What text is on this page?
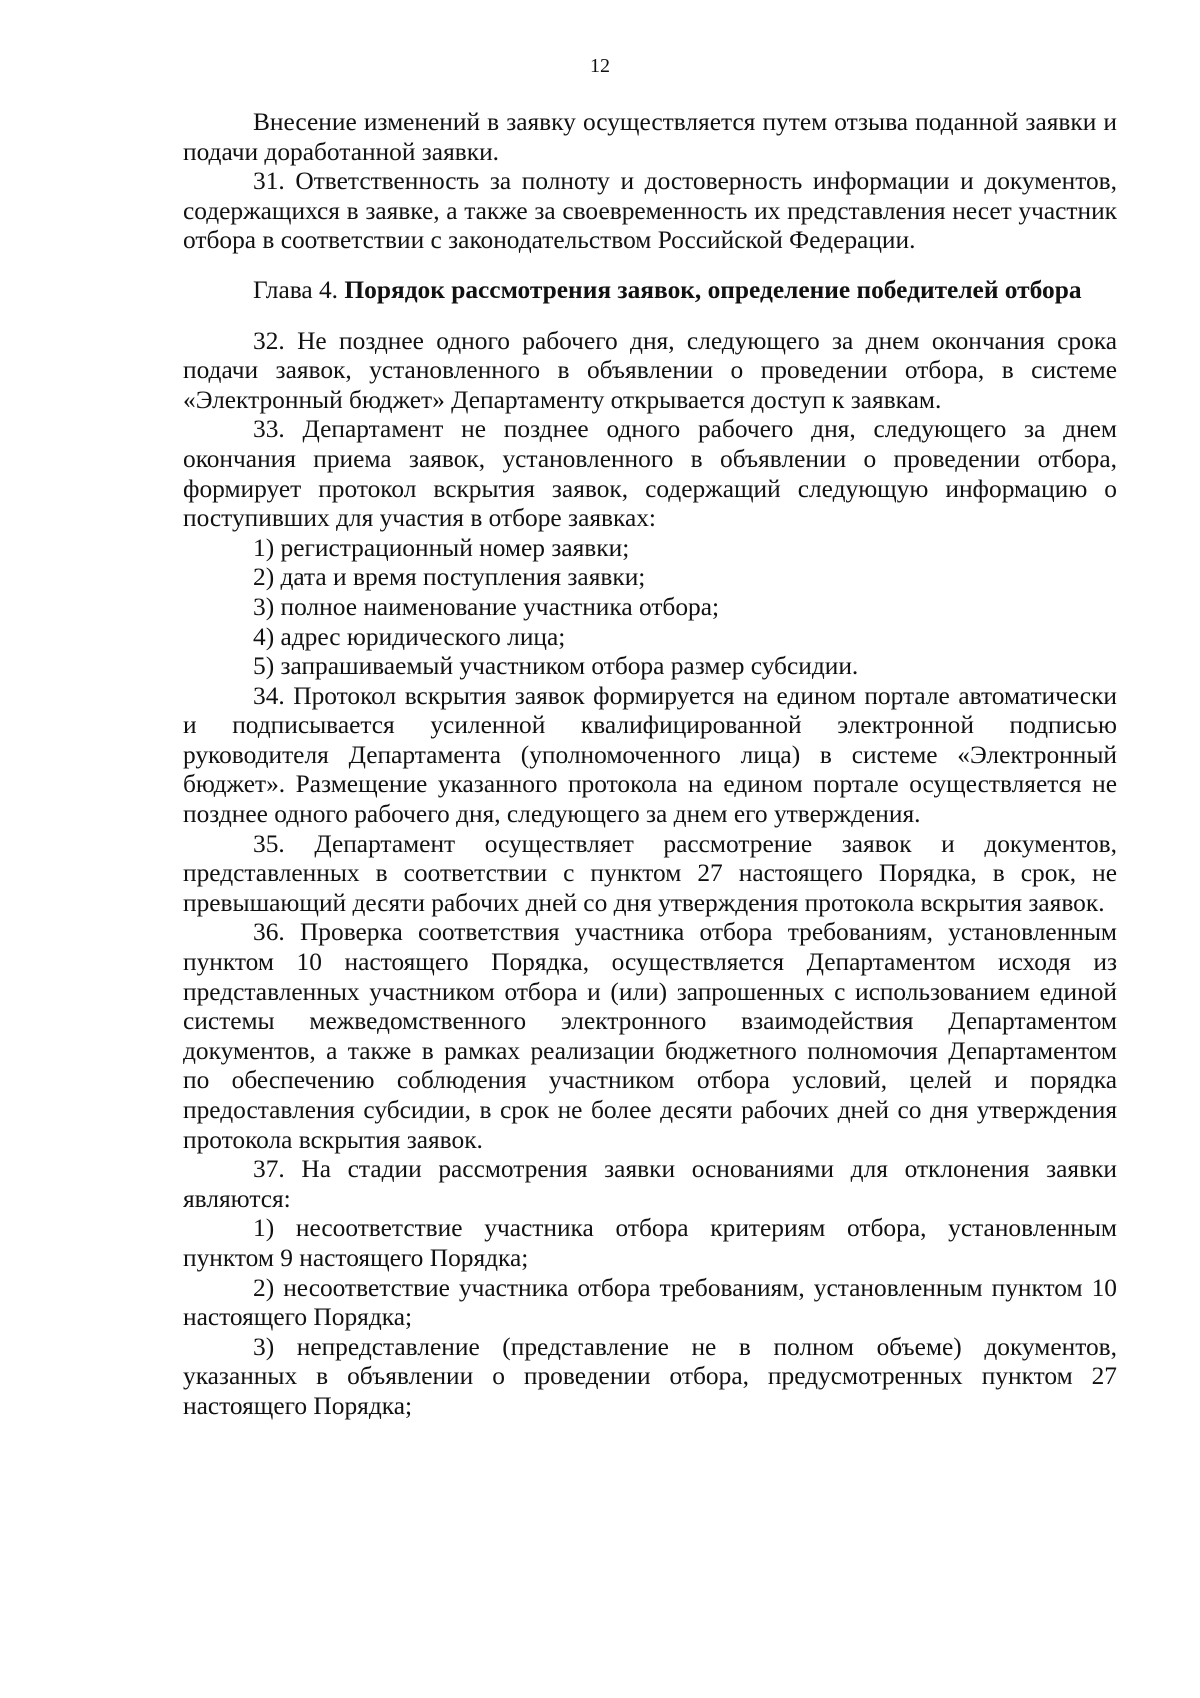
12

Внесение изменений в заявку осуществляется путем отзыва поданной заявки и подачи доработанной заявки.

31. Ответственность за полноту и достоверность информации и документов, содержащихся в заявке, а также за своевременность их представления несет участник отбора в соответствии с законодательством Российской Федерации.

Глава 4. Порядок рассмотрения заявок, определение победителей отбора

32. Не позднее одного рабочего дня, следующего за днем окончания срока подачи заявок, установленного в объявлении о проведении отбора, в системе «Электронный бюджет» Департаменту открывается доступ к заявкам.

33. Департамент не позднее одного рабочего дня, следующего за днем окончания приема заявок, установленного в объявлении о проведении отбора, формирует протокол вскрытия заявок, содержащий следующую информацию о поступивших для участия в отборе заявках:

1) регистрационный номер заявки;

2) дата и время поступления заявки;

3) полное наименование участника отбора;

4) адрес юридического лица;

5) запрашиваемый участником отбора размер субсидии.

34. Протокол вскрытия заявок формируется на едином портале автоматически и подписывается усиленной квалифицированной электронной подписью руководителя Департамента (уполномоченного лица) в системе «Электронный бюджет». Размещение указанного протокола на едином портале осуществляется не позднее одного рабочего дня, следующего за днем его утверждения.

35. Департамент осуществляет рассмотрение заявок и документов, представленных в соответствии с пунктом 27 настоящего Порядка, в срок, не превышающий десяти рабочих дней со дня утверждения протокола вскрытия заявок.

36. Проверка соответствия участника отбора требованиям, установленным пунктом 10 настоящего Порядка, осуществляется Департаментом исходя из представленных участником отбора и (или) запрошенных с использованием единой системы межведомственного электронного взаимодействия Департаментом документов, а также в рамках реализации бюджетного полномочия Департаментом по обеспечению соблюдения участником отбора условий, целей и порядка предоставления субсидии, в срок не более десяти рабочих дней со дня утверждения протокола вскрытия заявок.

37. На стадии рассмотрения заявки основаниями для отклонения заявки являются:

1) несоответствие участника отбора критериям отбора, установленным пунктом 9 настоящего Порядка;

2) несоответствие участника отбора требованиям, установленным пунктом 10 настоящего Порядка;

3) непредставление (представление не в полном объеме) документов, указанных в объявлении о проведении отбора, предусмотренных пунктом 27 настоящего Порядка;
